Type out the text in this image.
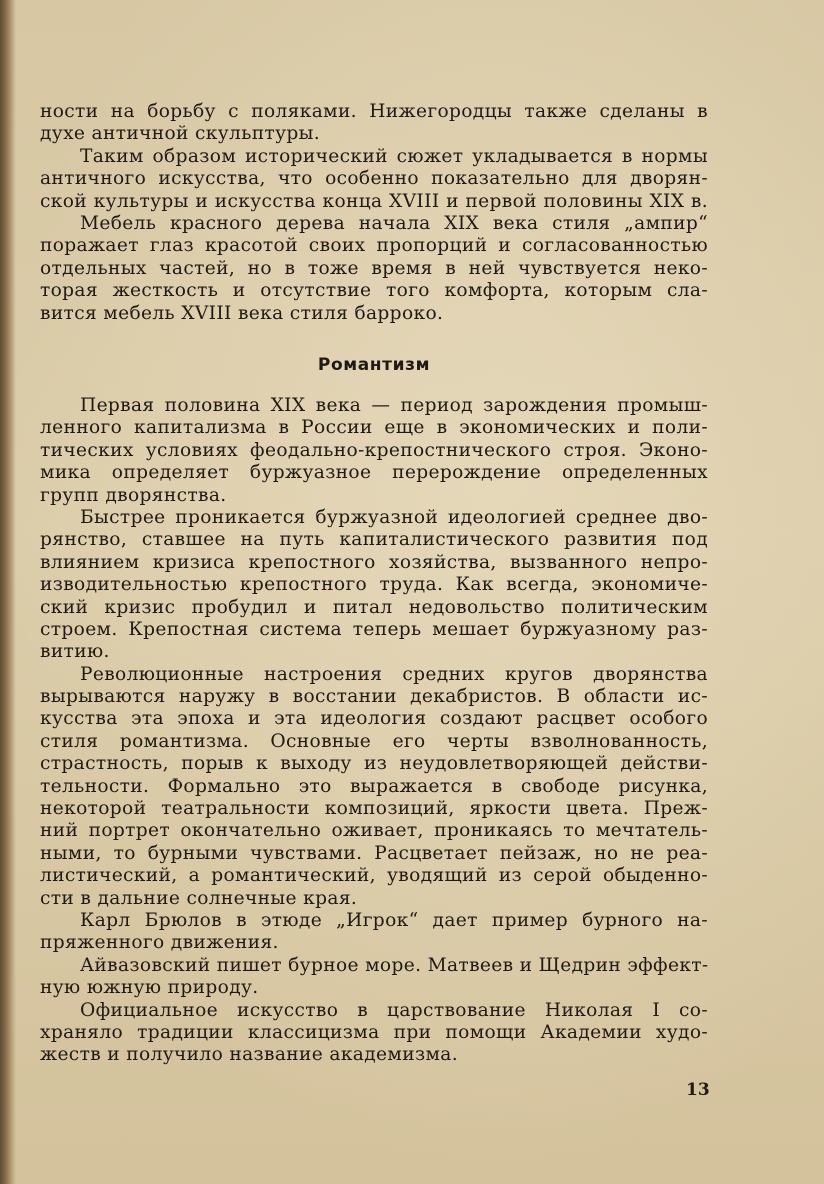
ности на борьбу с поляками. Нижегородцы также сделаны в
духе античной скульптуры.
Таким образом исторический сюжет укладывается в нормы
античного искусства, что особенно показательно для дворян-
ской культуры и искусства конца XVIII и первой половины XIX в.
Мебель красного дерева начала XIX века стиля „ампир“
поражает глаз красотой своих пропорций и согласованностью
отдельных частей, но в тоже время в ней чувствуется неко-
торая жесткость и отсутствие того комфорта, которым сла-
вится мебель XVIII века стиля барроко.
Романтизм
Первая половина XIX века — период зарождения промыш-
ленного капитализма в России еще в экономических и поли-
тических условиях феодально-крепостнического строя. Эконо-
мика определяет буржуазное перерождение определенных
групп дворянства.
Быстрее проникается буржуазной идеологией среднее дво-
рянство, ставшее на путь капиталистического развития под
влиянием кризиса крепостного хозяйства, вызванного непро-
изводительностью крепостного труда. Как всегда, экономиче-
ский кризис пробудил и питал недовольство политическим
строем. Крепостная система теперь мешает буржуазному раз-
витию.
Революционные настроения средних кругов дворянства
вырываются наружу в восстании декабристов. В области ис-
кусства эта эпоха и эта идеология создают расцвет особого
стиля романтизма. Основные его черты взволнованность,
страстность, порыв к выходу из неудовлетворяющей действи-
тельности. Формально это выражается в свободе рисунка,
некоторой театральности композиций, яркости цвета. Преж-
ний портрет окончательно оживает, проникаясь то мечтатель-
ными, то бурными чувствами. Расцветает пейзаж, но не реа-
листический, а романтический, уводящий из серой обыденно-
сти в дальние солнечные края.
Карл Брюлов в этюде „Игрок“ дает пример бурного на-
пряженного движения.
Айвазовский пишет бурное море. Матвеев и Щедрин эффект-
ную южную природу.
Официальное искусство в царствование Николая I со-
храняло традиции классицизма при помощи Академии худо-
жеств и получило название академизма.
13
